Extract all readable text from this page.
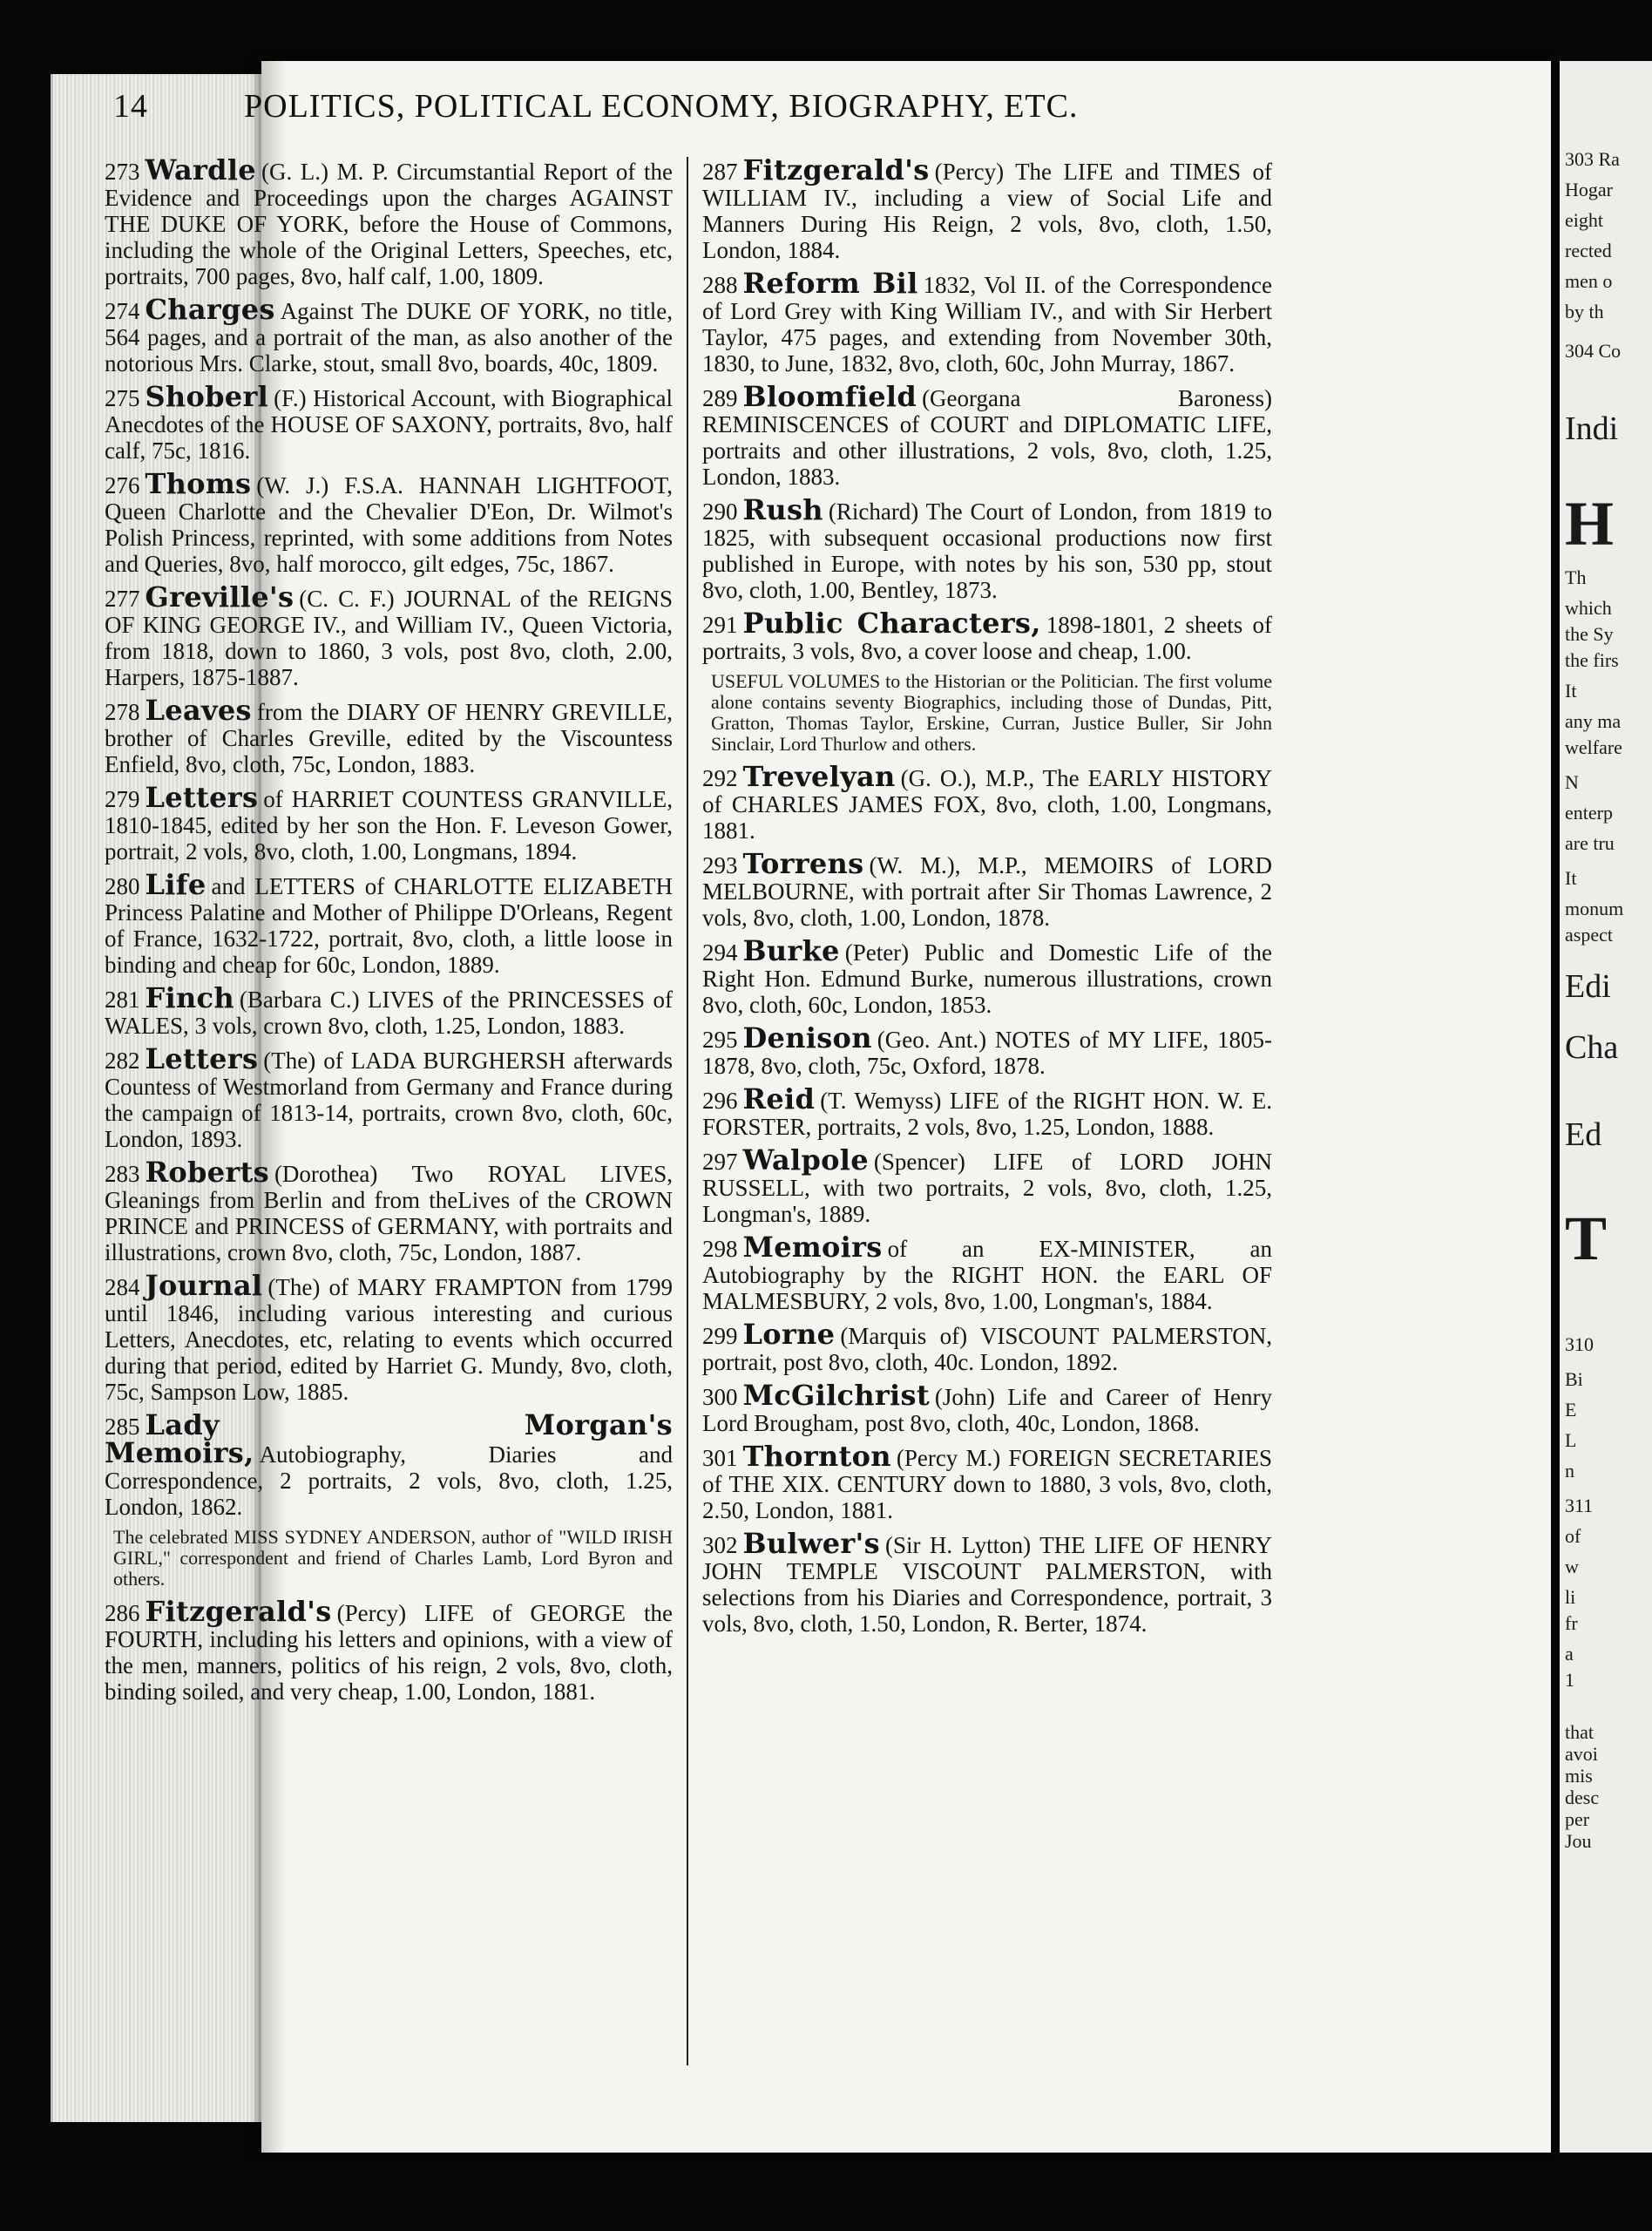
14	POLITICS, POLITICAL ECONOMY, BIOGRAPHY, ETC.
273 Wardle (G. L.) M. P. Circumstantial Report of the Evidence and Proceedings upon the charges AGAINST THE DUKE OF YORK, before the House of Commons, including the whole of the Original Letters, Speeches, etc, portraits, 700 pages, 8vo, half calf, 1.00, 1809.
274 Charges Against The DUKE OF YORK, no title, 564 pages, and a portrait of the man, as also another of the notorious Mrs. Clarke, stout, small 8vo, boards, 40c, 1809.
275 Shoberl (F.) Historical Account, with Biographical Anecdotes of the HOUSE OF SAXONY, portraits, 8vo, half calf, 75c, 1816.
276 Thoms (W. J.) F.S.A. HANNAH LIGHTFOOT, Queen Charlotte and the Chevalier D'Eon, Dr. Wilmot's Polish Princess, reprinted, with some additions from Notes and Queries, 8vo, half morocco, gilt edges, 75c, 1867.
277 Greville's (C. C. F.) JOURNAL of the REIGNS OF KING GEORGE IV., and William IV., Queen Victoria, from 1818, down to 1860, 3 vols, post 8vo, cloth, 2.00, Harpers, 1875-1887.
278 Leaves from the DIARY OF HENRY GREVILLE, brother of Charles Greville, edited by the Viscountess Enfield, 8vo, cloth, 75c, London, 1883.
279 Letters of HARRIET COUNTESS GRANVILLE, 1810-1845, edited by her son the Hon. F. Leveson Gower, portrait, 2 vols, 8vo, cloth, 1.00, Longmans, 1894.
280 Life and LETTERS of CHARLOTTE ELIZABETH Princess Palatine and Mother of Philippe D'Orleans, Regent of France, 1632-1722, portrait, 8vo, cloth, a little loose in binding and cheap for 60c, London, 1889.
281 Finch (Barbara C.) LIVES of the PRINCESSES of WALES, 3 vols, crown 8vo, cloth, 1.25, London, 1883.
282 Letters (The) of LADA BURGHERSH afterwards Countess of Westmorland from Germany and France during the campaign of 1813-14, portraits, crown 8vo, cloth, 60c, London, 1893.
283 Roberts (Dorothea) Two ROYAL LIVES, Gleanings from Berlin and from theLives of the CROWN PRINCE and PRINCESS of GERMANY, with portraits and illustrations, crown 8vo, cloth, 75c, London, 1887.
284 Journal (The) of MARY FRAMPTON from 1799 until 1846, including various interesting and curious Letters, Anecdotes, etc, relating to events which occurred during that period, edited by Harriet G. Mundy, 8vo, cloth, 75c, Sampson Low, 1885.
285 Lady Morgan's Memoirs, Autobiography, Diaries and Correspondence, 2 portraits, 2 vols, 8vo, cloth, 1.25, London, 1862.
The celebrated MISS SYDNEY ANDERSON, author of "WILD IRISH GIRL," correspondent and friend of Charles Lamb, Lord Byron and others.
286 Fitzgerald's (Percy) LIFE of GEORGE the FOURTH, including his letters and opinions, with a view of the men, manners, politics of his reign, 2 vols, 8vo, cloth, binding soiled, and very cheap, 1.00, London, 1881.
287 Fitzgerald's (Percy) The LIFE and TIMES of WILLIAM IV., including a view of Social Life and Manners During His Reign, 2 vols, 8vo, cloth, 1.50, London, 1884.
288 Reform Bil 1832, Vol II. of the Correspondence of Lord Grey with King William IV., and with Sir Herbert Taylor, 475 pages, and extending from November 30th, 1830, to June, 1832, 8vo, cloth, 60c, John Murray, 1867.
289 Bloomfield (Georgana Baroness) REMINISCENCES of COURT and DIPLOMATIC LIFE, portraits and other illustrations, 2 vols, 8vo, cloth, 1.25, London, 1883.
290 Rush (Richard) The Court of London, from 1819 to 1825, with subsequent occasional productions now first published in Europe, with notes by his son, 530 pp, stout 8vo, cloth, 1.00, Bentley, 1873.
291 Public Characters, 1898-1801, 2 sheets of portraits, 3 vols, 8vo, a cover loose and cheap, 1.00.
USEFUL VOLUMES to the Historian or the Politician. The first volume alone contains seventy Biographics, including those of Dundas, Pitt, Gratton, Thomas Taylor, Erskine, Curran, Justice Buller, Sir John Sinclair, Lord Thurlow and others.
292 Trevelyan (G. O.), M.P., The EARLY HISTORY of CHARLES JAMES FOX, 8vo, cloth, 1.00, Longmans, 1881.
293 Torrens (W. M.), M.P., MEMOIRS of LORD MELBOURNE, with portrait after Sir Thomas Lawrence, 2 vols, 8vo, cloth, 1.00, London, 1878.
294 Burke (Peter) Public and Domestic Life of the Right Hon. Edmund Burke, numerous illustrations, crown 8vo, cloth, 60c, London, 1853.
295 Denison (Geo. Ant.) NOTES of MY LIFE, 1805-1878, 8vo, cloth, 75c, Oxford, 1878.
296 Reid (T. Wemyss) LIFE of the RIGHT HON. W. E. FORSTER, portraits, 2 vols, 8vo, 1.25, London, 1888.
297 Walpole (Spencer) LIFE of LORD JOHN RUSSELL, with two portraits, 2 vols, 8vo, cloth, 1.25, Longman's, 1889.
298 Memoirs of an EX-MINISTER, an Autobiography by the RIGHT HON. the EARL OF MALMESBURY, 2 vols, 8vo, 1.00, Longman's, 1884.
299 Lorne (Marquis of) VISCOUNT PALMERSTON, portrait, post 8vo, cloth, 40c. London, 1892.
300 McGilchrist (John) Life and Career of Henry Lord Brougham, post 8vo, cloth, 40c, London, 1868.
301 Thornton (Percy M.) FOREIGN SECRETARIES of THE XIX. CENTURY down to 1880, 3 vols, 8vo, cloth, 2.50, London, 1881.
302 Bulwer's (Sir H. Lytton) THE LIFE OF HENRY JOHN TEMPLE VISCOUNT PALMERSTON, with selections from his Diaries and Correspondence, portrait, 3 vols, 8vo, cloth, 1.50, London, R. Berter, 1874.
303 Ra
Hogar
eight
rected
men o
by th
304 Co
Indi
H
Th
which
the Sy
the firs
It
any ma
welfare
N
enterp
are tru
It
monum
aspect
Edi
Cha
Ed
T
310
Bi
E
L
n
311
of
w
li
fr
a
1
that
avoi
mis
desc
per
Jou
